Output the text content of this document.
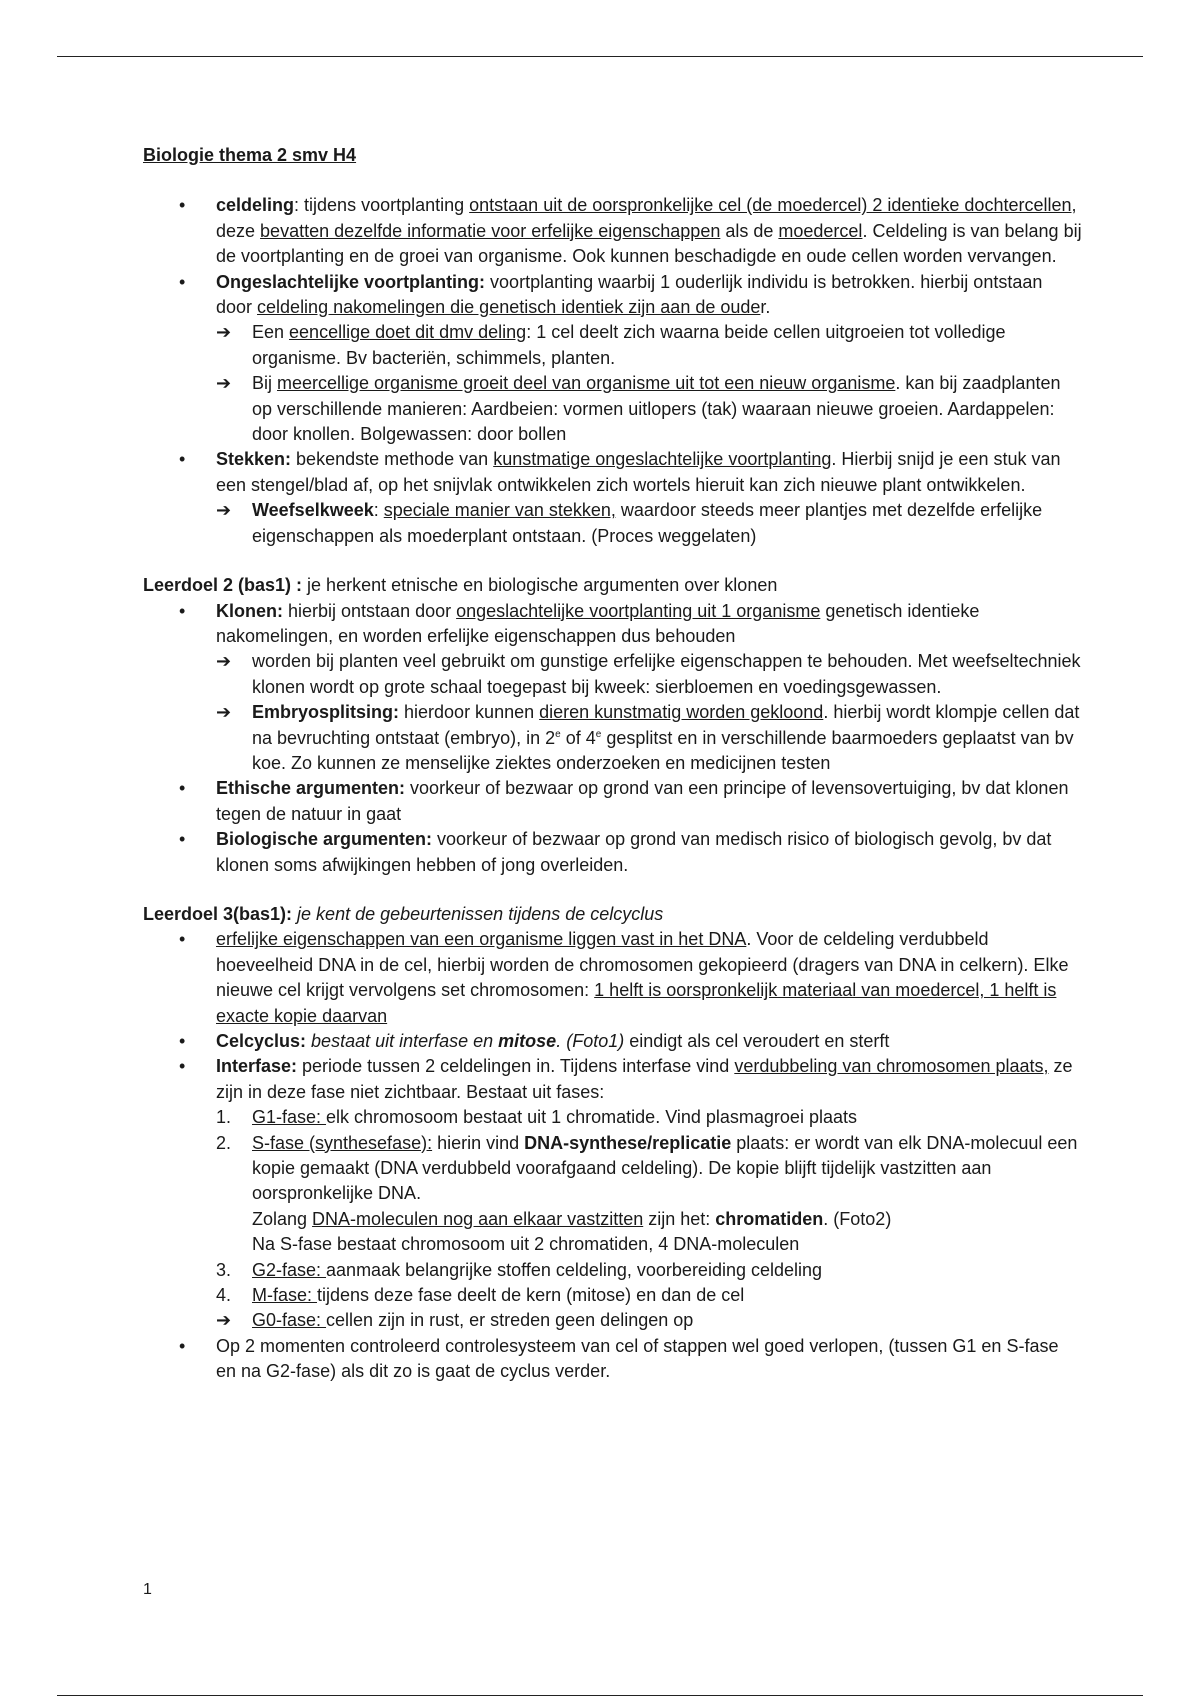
Biologie thema 2 smv H4

• celdeling: tijdens voortplanting ontstaan uit de oorspronkelijke cel (de moedercel) 2 identieke dochtercellen, deze bevatten dezelfde informatie voor erfelijke eigenschappen als de moedercel. Celdeling is van belang bij de voortplanting en de groei van organisme. Ook kunnen beschadigde en oude cellen worden vervangen.
• Ongeslachtelijke voortplanting: voortplanting waarbij 1 ouderlijk individu is betrokken. hierbij ontstaan door celdeling nakomelingen die genetisch identiek zijn aan de ouder.
➔ Een eencellige doet dit dmv deling: 1 cel deelt zich waarna beide cellen uitgroeien tot volledige organisme. Bv bacteriën, schimmels, planten.
➔ Bij meercellige organisme groeit deel van organisme uit tot een nieuw organisme. kan bij zaadplanten op verschillende manieren: Aardbeien: vormen uitlopers (tak) waaraan nieuwe groeien. Aardappelen: door knollen. Bolgewassen: door bollen
• Stekken: bekendste methode van kunstmatige ongeslachtelijke voortplanting. Hierbij snijd je een stuk van een stengel/blad af, op het snijvlak ontwikkelen zich wortels hieruit kan zich nieuwe plant ontwikkelen.
➔ Weefselkweek: speciale manier van stekken, waardoor steeds meer plantjes met dezelfde erfelijke eigenschappen als moederplant ontstaan. (Proces weggelaten)

Leerdoel 2 (bas1) : je herkent etnische en biologische argumenten over klonen

• Klonen: hierbij ontstaan door ongeslachtelijke voortplanting uit 1 organisme genetisch identieke nakomelingen, en worden erfelijke eigenschappen dus behouden
➔ worden bij planten veel gebruikt om gunstige erfelijke eigenschappen te behouden. Met weefseltechniek klonen wordt op grote schaal toegepast bij kweek: sierbloemen en voedingsgewassen.
➔ Embryosplitsing: hierdoor kunnen dieren kunstmatig worden gekloond. hierbij wordt klompje cellen dat na bevruchting ontstaat (embryo), in 2e of 4e gesplitst en in verschillende baarmoeders geplaatst van bv koe. Zo kunnen ze menselijke ziektes onderzoeken en medicijnen testen
• Ethische argumenten: voorkeur of bezwaar op grond van een principe of levensovertuiging, bv dat klonen tegen de natuur in gaat
• Biologische argumenten: voorkeur of bezwaar op grond van medisch risico of biologisch gevolg, bv dat klonen soms afwijkingen hebben of jong overleiden.

Leerdoel 3(bas1): je kent de gebeurtenissen tijdens de celcyclus

• erfelijke eigenschappen van een organisme liggen vast in het DNA. Voor de celdeling verdubbeld hoeveelheid DNA in de cel, hierbij worden de chromosomen gekopieerd (dragers van DNA in celkern). Elke nieuwe cel krijgt vervolgens set chromosomen: 1 helft is oorspronkelijk materiaal van moedercel, 1 helft is exacte kopie daarvan
• Celcyclus: bestaat uit interfase en mitose. (Foto1) eindigt als cel veroudert en sterft
• Interfase: periode tussen 2 celdelingen in. Tijdens interfase vind verdubbeling van chromosomen plaats, ze zijn in deze fase niet zichtbaar. Bestaat uit fases:
1. G1-fase: elk chromosoom bestaat uit 1 chromatide. Vind plasmagroei plaats
2. S-fase (synthesefase): hierin vind DNA-synthese/replicatie plaats: er wordt van elk DNA-molecuul een kopie gemaakt (DNA verdubbeld voorafgaand celdeling). De kopie blijft tijdelijk vastzitten aan oorspronkelijke DNA.
Zolang DNA-moleculen nog aan elkaar vastzitten zijn het: chromatiden. (Foto2)
Na S-fase bestaat chromosoom uit 2 chromatiden, 4 DNA-moleculen
3. G2-fase: aanmaak belangrijke stoffen celdeling, voorbereiding celdeling
4. M-fase: tijdens deze fase deelt de kern (mitose) en dan de cel
➔ G0-fase: cellen zijn in rust, er streden geen delingen op
• Op 2 momenten controleerd controlesysteem van cel of stappen wel goed verlopen, (tussen G1 en S-fase en na G2-fase) als dit zo is gaat de cyclus verder.
1
